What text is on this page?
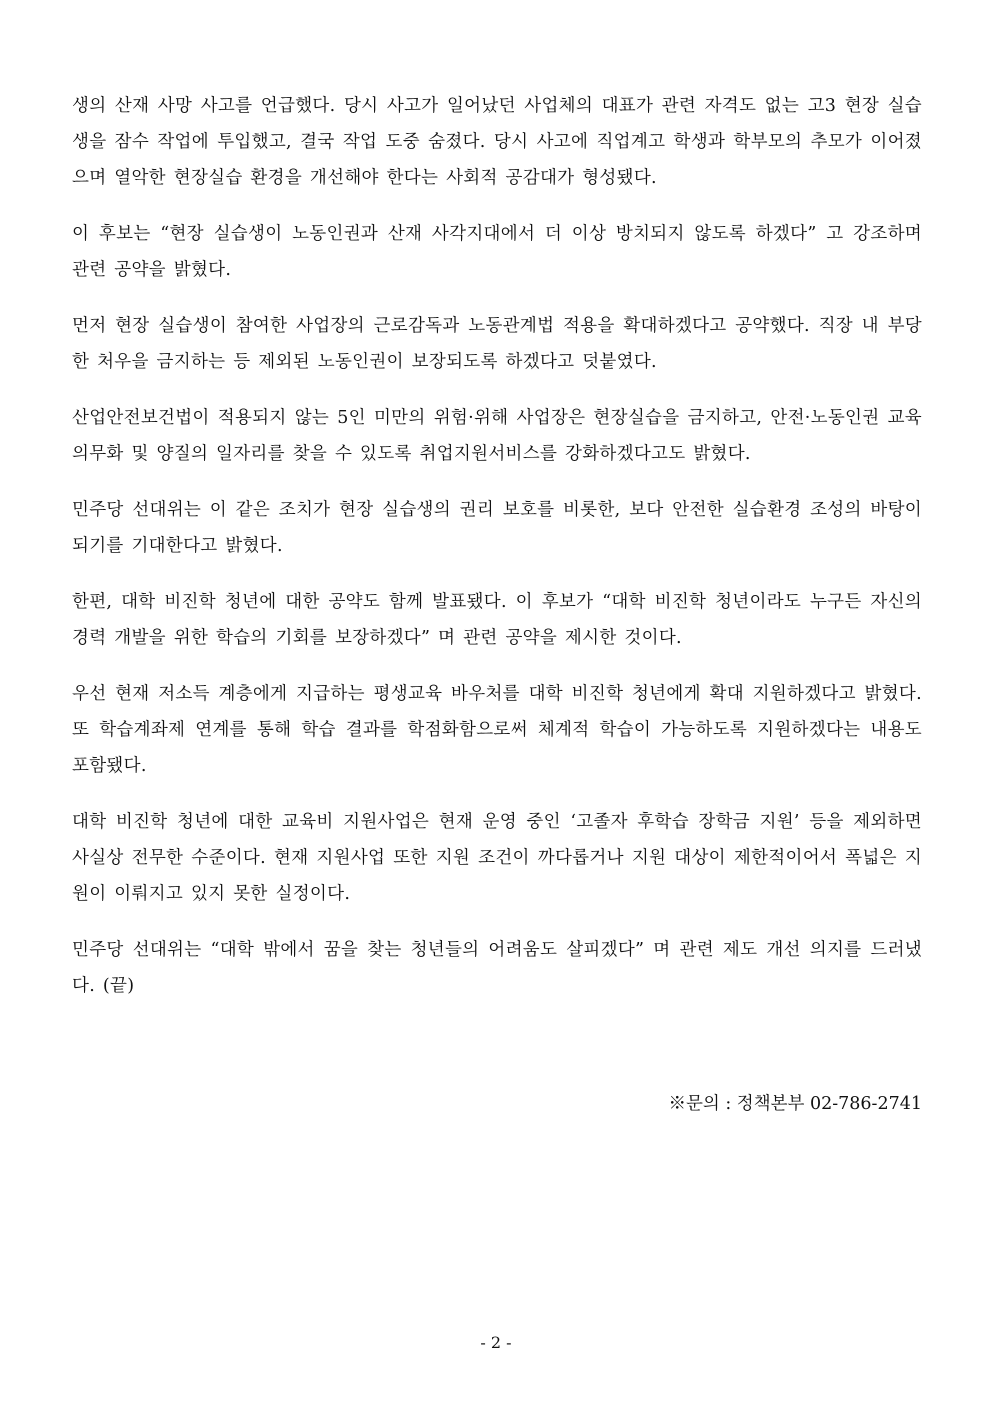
생의 산재 사망 사고를 언급했다. 당시 사고가 일어났던 사업체의 대표가 관련 자격도 없는 고3 현장 실습생을 잠수 작업에 투입했고, 결국 작업 도중 숨졌다. 당시 사고에 직업계고 학생과 학부모의 추모가 이어졌으며 열악한 현장실습 환경을 개선해야 한다는 사회적 공감대가 형성됐다.

이 후보는 “현장 실습생이 노동인권과 산재 사각지대에서 더 이상 방치되지 않도록 하겠다” 고 강조하며 관련 공약을 밝혔다.

먼저 현장 실습생이 참여한 사업장의 근로감독과 노동관계법 적용을 확대하겠다고 공약했다. 직장 내 부당한 처우을 금지하는 등 제외된 노동인권이 보장되도록 하겠다고 덧붙였다.

산업안전보건법이 적용되지 않는 5인 미만의 위험·위해 사업장은 현장실습을 금지하고, 안전·노동인권 교육 의무화 및 양질의 일자리를 찾을 수 있도록 취업지원서비스를 강화하겠다고도 밝혔다.

민주당 선대위는 이 같은 조치가 현장 실습생의 권리 보호를 비롯한, 보다 안전한 실습환경 조성의 바탕이 되기를 기대한다고 밝혔다.

한편, 대학 비진학 청년에 대한 공약도 함께 발표됐다. 이 후보가 “대학 비진학 청년이라도 누구든 자신의 경력 개발을 위한 학습의 기회를 보장하겠다” 며 관련 공약을 제시한 것이다.

우선 현재 저소득 계층에게 지급하는 평생교육 바우처를 대학 비진학 청년에게 확대 지원하겠다고 밝혔다. 또 학습계좌제 연계를 통해 학습 결과를 학점화함으로써 체계적 학습이 가능하도록 지원하겠다는 내용도 포함됐다.

대학 비진학 청년에 대한 교육비 지원사업은 현재 운영 중인 ‘고졸자 후학습 장학금 지원’ 등을 제외하면 사실상 전무한 수준이다. 현재 지원사업 또한 지원 조건이 까다롭거나 지원 대상이 제한적이어서 폭넓은 지원이 이뤄지고 있지 못한 실정이다.

민주당 선대위는 “대학 밖에서 꿈을 찾는 청년들의 어려움도 살피겠다” 며 관련 제도 개선 의지를 드러냈다. (끝)

※문의 : 정책본부 02-786-2741
- 2 -
